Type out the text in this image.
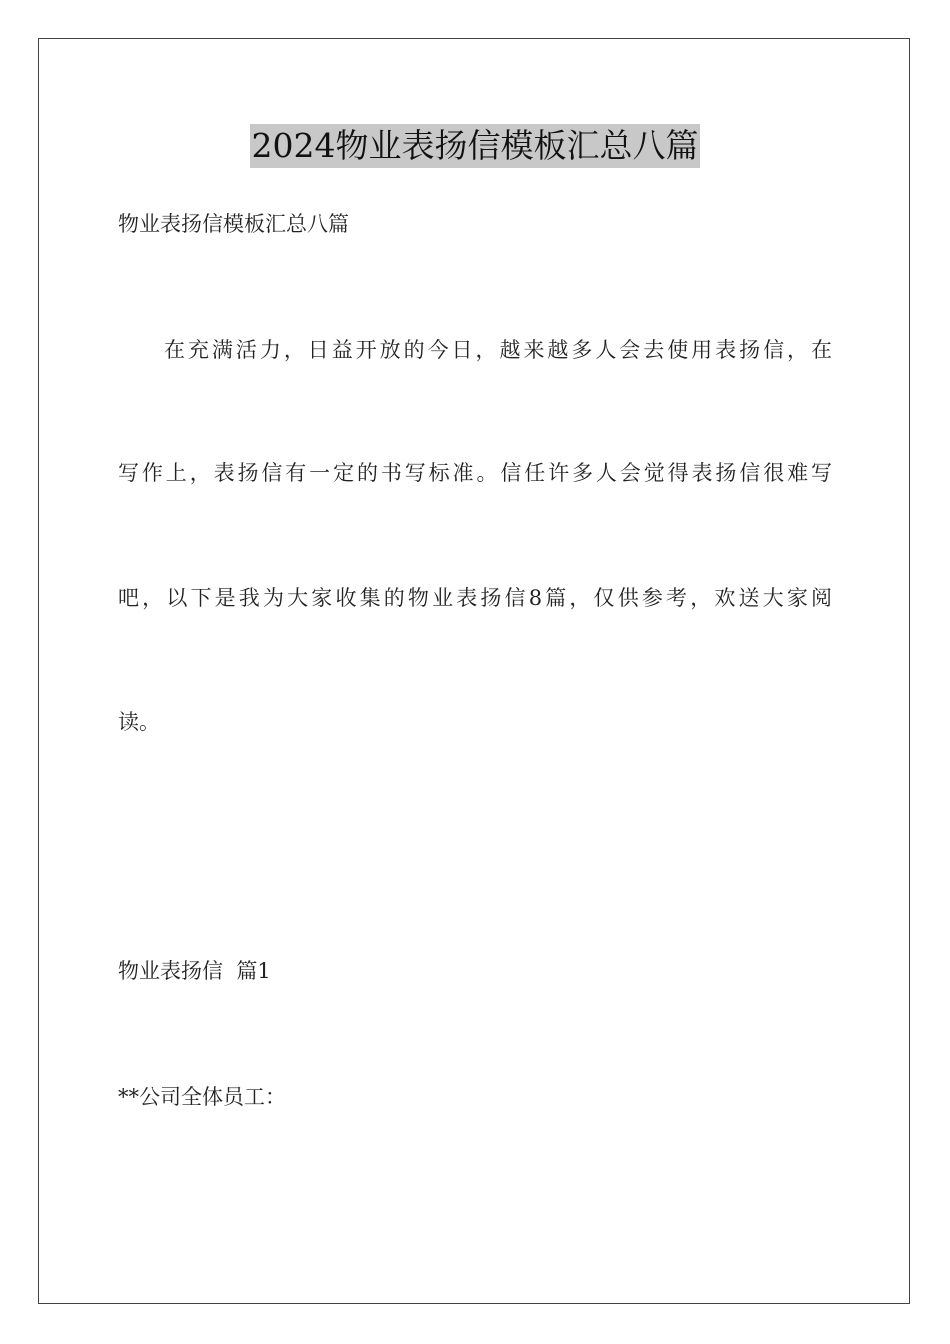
2024物业表扬信模板汇总八篇
物业表扬信模板汇总八篇
在充满活力，日益开放的今日，越来越多人会去使用表扬信，在
写作上，表扬信有一定的书写标准。信任许多人会觉得表扬信很难写
吧，以下是我为大家收集的物业表扬信8篇，仅供参考，欢送大家阅
读。
物业表扬信  篇1
**公司全体员工：
